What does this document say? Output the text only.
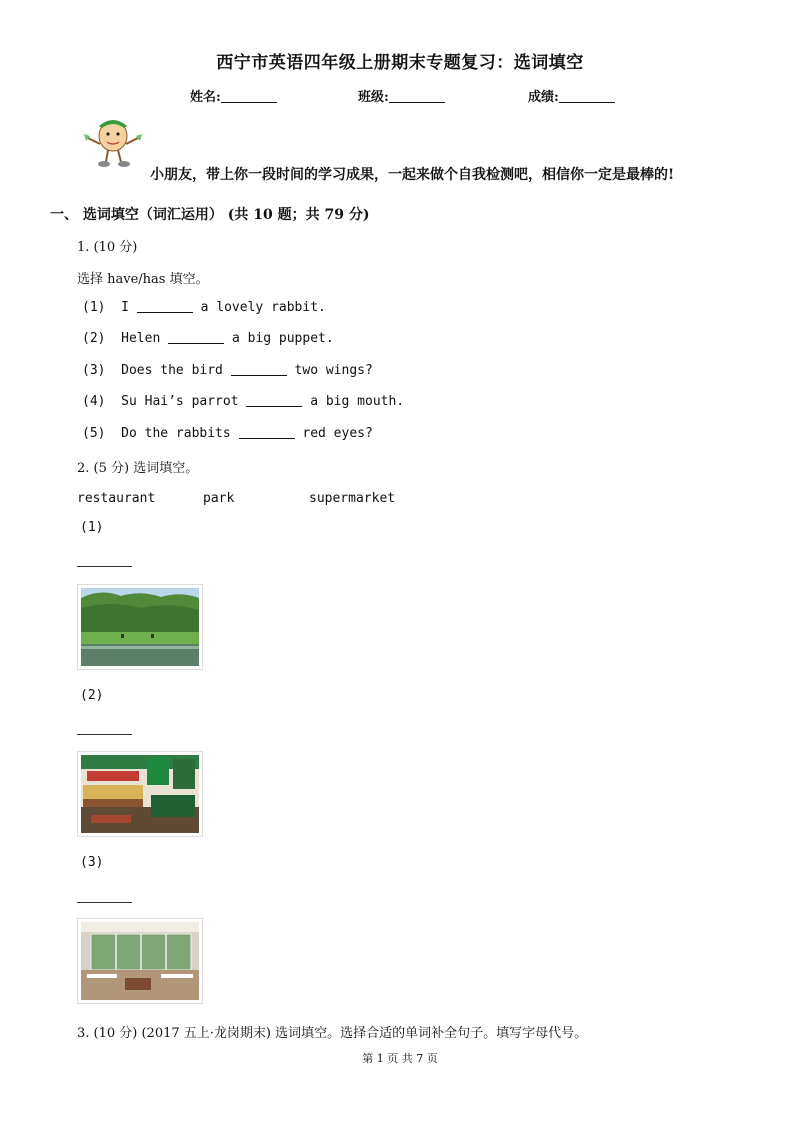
西宁市英语四年级上册期末专题复习：选词填空
姓名:	班级:	成绩:
小朋友，带上你一段时间的学习成果，一起来做个自我检测吧，相信你一定是最棒的!
一、 选词填空（词汇运用） (共 10 题；共 79 分)
1. (10 分)
选择 have/has 填空。
(1) I	a lovely rabbit.
(2) Helen	a big puppet.
(3) Does the bird	two wings?
(4) Su Hai’s parrot	a big mouth.
(5) Do the rabbits	red eyes?
2. (5 分) 选词填空。
restaurant	park	supermarket
(1)
(2)
(3)
3. (10 分) (2017 五上·龙岗期末) 选词填空。选择合适的单词补全句子。填写字母代号。
第 1 页 共 7 页
